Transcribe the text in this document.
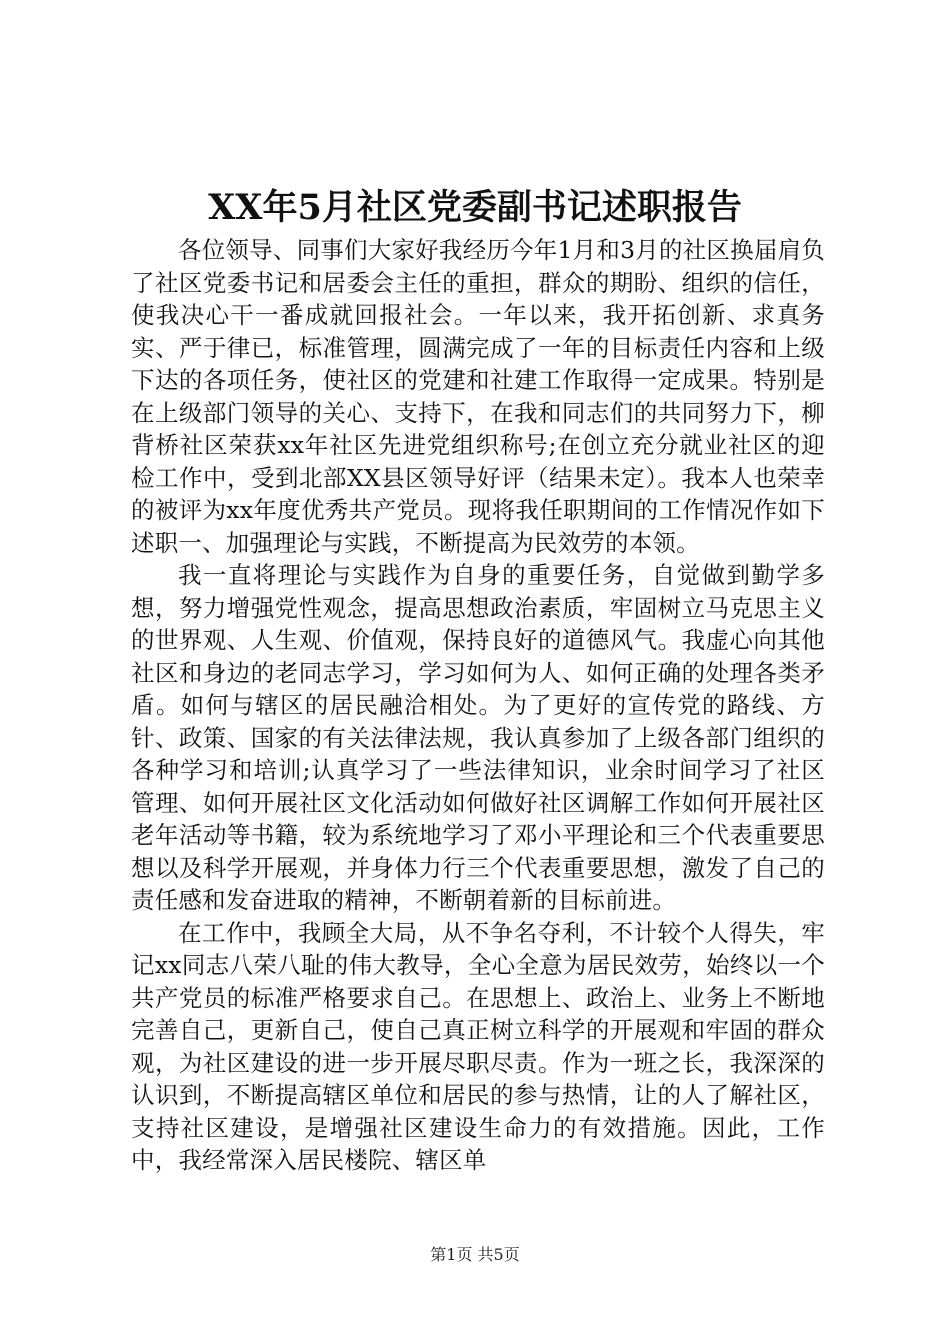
XX年5月社区党委副书记述职报告

各位领导、同事们大家好我经历今年1月和3月的社区换届肩负了社区党委书记和居委会主任的重担，群众的期盼、组织的信任，使我决心干一番成就回报社会。一年以来，我开拓创新、求真务实、严于律已，标准管理，圆满完成了一年的目标责任内容和上级下达的各项任务，使社区的党建和社建工作取得一定成果。特别是在上级部门领导的关心、支持下，在我和同志们的共同努力下，柳背桥社区荣获xx年社区先进党组织称号;在创立充分就业社区的迎检工作中，受到北部XX县区领导好评（结果未定）。我本人也荣幸的被评为xx年度优秀共产党员。现将我任职期间的工作情况作如下述职一、加强理论与实践，不断提高为民效劳的本领。

我一直将理论与实践作为自身的重要任务，自觉做到勤学多想，努力增强党性观念，提高思想政治素质，牢固树立马克思主义的世界观、人生观、价值观，保持良好的道德风气。我虚心向其他社区和身边的老同志学习，学习如何为人、如何正确的处理各类矛盾。如何与辖区的居民融洽相处。为了更好的宣传党的路线、方针、政策、国家的有关法律法规，我认真参加了上级各部门组织的各种学习和培训;认真学习了一些法律知识，业余时间学习了社区管理、如何开展社区文化活动如何做好社区调解工作如何开展社区老年活动等书籍，较为系统地学习了邓小平理论和三个代表重要思想以及科学开展观，并身体力行三个代表重要思想，激发了自己的责任感和发奋进取的精神，不断朝着新的目标前进。

在工作中，我顾全大局，从不争名夺利，不计较个人得失，牢记xx同志八荣八耻的伟大教导，全心全意为居民效劳，始终以一个共产党员的标准严格要求自己。在思想上、政治上、业务上不断地完善自己，更新自己，使自己真正树立科学的开展观和牢固的群众观，为社区建设的进一步开展尽职尽责。作为一班之长，我深深的认识到，不断提高辖区单位和居民的参与热情，让的人了解社区，支持社区建设，是增强社区建设生命力的有效措施。因此，工作中，我经常深入居民楼院、辖区单

第1页 共5页
